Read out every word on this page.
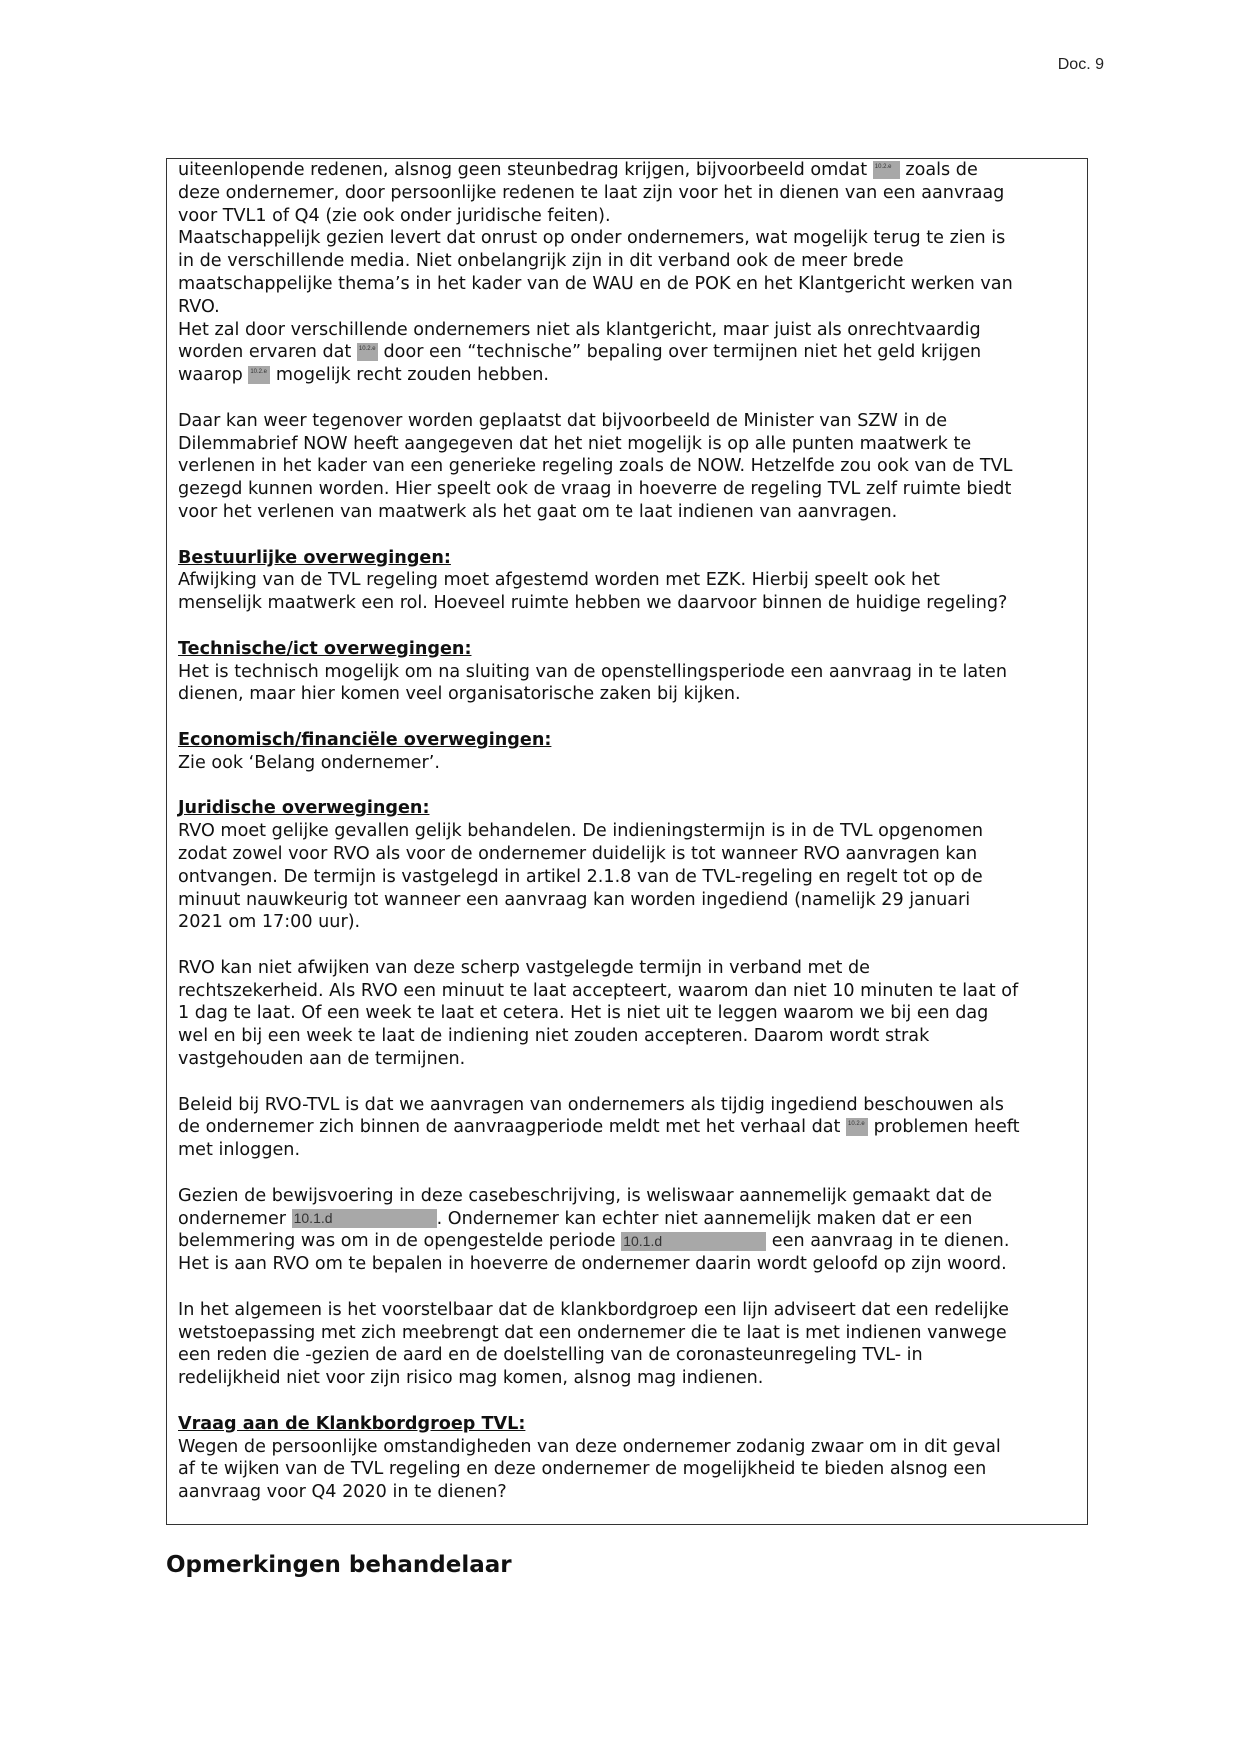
Doc. 9

uiteenlopende redenen, alsnog geen steunbedrag krijgen, bijvoorbeeld omdat 10.2.e zoals de

deze ondernemer, door persoonlijke redenen te laat zijn voor het in dienen van een aanvraag

voor TVL1 of Q4 (zie ook onder juridische feiten).

Maatschappelijk gezien levert dat onrust op onder ondernemers, wat mogelijk terug te zien is

in de verschillende media. Niet onbelangrijk zijn in dit verband ook de meer brede

maatschappelijke thema’s in het kader van de WAU en de POK en het Klantgericht werken van

RVO.

Het zal door verschillende ondernemers niet als klantgericht, maar juist als onrechtvaardig

worden ervaren dat 10.2.e door een “technische” bepaling over termijnen niet het geld krijgen

waarop 10.2.e mogelijk recht zouden hebben.

Daar kan weer tegenover worden geplaatst dat bijvoorbeeld de Minister van SZW in de

Dilemmabrief NOW heeft aangegeven dat het niet mogelijk is op alle punten maatwerk te

verlenen in het kader van een generieke regeling zoals de NOW. Hetzelfde zou ook van de TVL

gezegd kunnen worden. Hier speelt ook de vraag in hoeverre de regeling TVL zelf ruimte biedt

voor het verlenen van maatwerk als het gaat om te laat indienen van aanvragen.

Bestuurlijke overwegingen:

Afwijking van de TVL regeling moet afgestemd worden met EZK. Hierbij speelt ook het

menselijk maatwerk een rol. Hoeveel ruimte hebben we daarvoor binnen de huidige regeling?

Technische/ict overwegingen:

Het is technisch mogelijk om na sluiting van de openstellingsperiode een aanvraag in te laten

dienen, maar hier komen veel organisatorische zaken bij kijken.

Economisch/financiële overwegingen:

Zie ook ‘Belang ondernemer’.

Juridische overwegingen:

RVO moet gelijke gevallen gelijk behandelen. De indieningstermijn is in de TVL opgenomen

zodat zowel voor RVO als voor de ondernemer duidelijk is tot wanneer RVO aanvragen kan

ontvangen. De termijn is vastgelegd in artikel 2.1.8 van de TVL-regeling en regelt tot op de

minuut nauwkeurig tot wanneer een aanvraag kan worden ingediend (namelijk 29 januari

2021 om 17:00 uur).

RVO kan niet afwijken van deze scherp vastgelegde termijn in verband met de

rechtszekerheid. Als RVO een minuut te laat accepteert, waarom dan niet 10 minuten te laat of

1 dag te laat. Of een week te laat et cetera. Het is niet uit te leggen waarom we bij een dag

wel en bij een week te laat de indiening niet zouden accepteren. Daarom wordt strak

vastgehouden aan de termijnen.

Beleid bij RVO-TVL is dat we aanvragen van ondernemers als tijdig ingediend beschouwen als

de ondernemer zich binnen de aanvraagperiode meldt met het verhaal dat 10.2.e problemen heeft

met inloggen.

Gezien de bewijsvoering in deze casebeschrijving, is weliswaar aannemelijk gemaakt dat de

ondernemer 10.1.d	. Ondernemer kan echter niet aannemelijk maken dat er een

belemmering was om in de opengestelde periode 10.1.d	een aanvraag in te dienen.

Het is aan RVO om te bepalen in hoeverre de ondernemer daarin wordt geloofd op zijn woord.

In het algemeen is het voorstelbaar dat de klankbordgroep een lijn adviseert dat een redelijke

wetstoepassing met zich meebrengt dat een ondernemer die te laat is met indienen vanwege

een reden die -gezien de aard en de doelstelling van de coronasteunregeling TVL- in

redelijkheid niet voor zijn risico mag komen, alsnog mag indienen.

Vraag aan de Klankbordgroep TVL:

Wegen de persoonlijke omstandigheden van deze ondernemer zodanig zwaar om in dit geval

af te wijken van de TVL regeling en deze ondernemer de mogelijkheid te bieden alsnog een

aanvraag voor Q4 2020 in te dienen?

Opmerkingen behandelaar
